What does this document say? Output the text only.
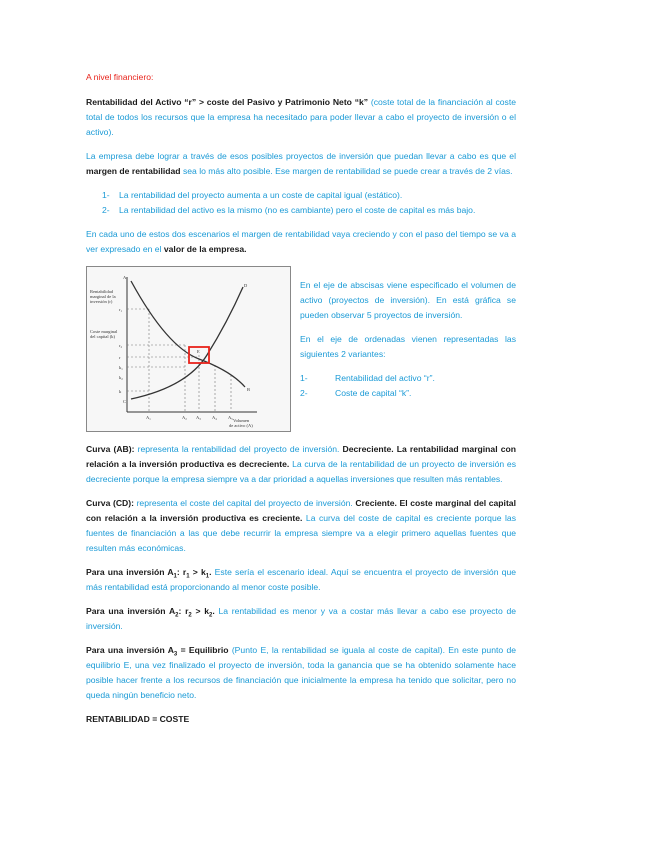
A nivel financiero:

Rentabilidad del Activo “r” > coste del Pasivo y Patrimonio Neto “k” (coste total de la financiación al coste total de todos los recursos que la empresa ha necesitado para poder llevar a cabo el proyecto de inversión o el activo).

La empresa debe lograr a través de esos posibles proyectos de inversión que puedan llevar a cabo es que el margen de rentabilidad sea lo más alto posible. Ese margen de rentabilidad se puede crear a través de 2 vías.

1-	La rentabilidad del proyecto aumenta a un coste de capital igual (estático).
2-	La rentabilidad del activo es la mismo (no es cambiante) pero el coste de capital es más bajo.

En cada uno de estos dos escenarios el margen de rentabilidad vaya creciendo y con el paso del tiempo se va a ver expresado en el valor de la empresa.

Rentabilidad
marginal de la
inversión (r)
Coste marginal
del capital (k)
Volumen
de activo (A)
A
B
C
D
E
r₁
r₂
r
k₁
k₂
k
A₁	A₂ A₃ A₄ A₅

En el eje de abscisas viene especificado el volumen de activo (proyectos de inversión). En está gráfica se pueden observar 5 proyectos de inversión.

En el eje de ordenadas vienen representadas las siguientes 2 variantes:

1-	Rentabilidad del activo “r”.
2-	Coste de capital “k”.

Curva (AB): representa la rentabilidad del proyecto de inversión. Decreciente. La rentabilidad marginal con relación a la inversión productiva es decreciente. La curva de la rentabilidad de un proyecto de inversión es decreciente porque la empresa siempre va a dar prioridad a aquellas inversiones que resulten más rentables.

Curva (CD): representa el coste del capital del proyecto de inversión. Creciente. El coste marginal del capital con relación a la inversión productiva es creciente. La curva del coste de capital es creciente porque las fuentes de financiación a las que debe recurrir la empresa siempre va a elegir primero aquellas fuentes que resulten más económicas.

Para una inversión $A_1$: $r_1 > k_1$. Este sería el escenario ideal. Aquí se encuentra el proyecto de inversión que más rentabilidad está proporcionando al menor coste posible.

Para una inversión $A_2$: $r_2 > k_2$. La rentabilidad es menor y va a costar más llevar a cabo ese proyecto de inversión.

Para una inversión $A_3$ = Equilibrio (Punto E, la rentabilidad se iguala al coste de capital). En este punto de equilibrio E, una vez finalizado el proyecto de inversión, toda la ganancia que se ha obtenido solamente hace posible hacer frente a los recursos de financiación que inicialmente la empresa ha tenido que solicitar, pero no queda ningún beneficio neto.

RENTABILIDAD = COSTE
